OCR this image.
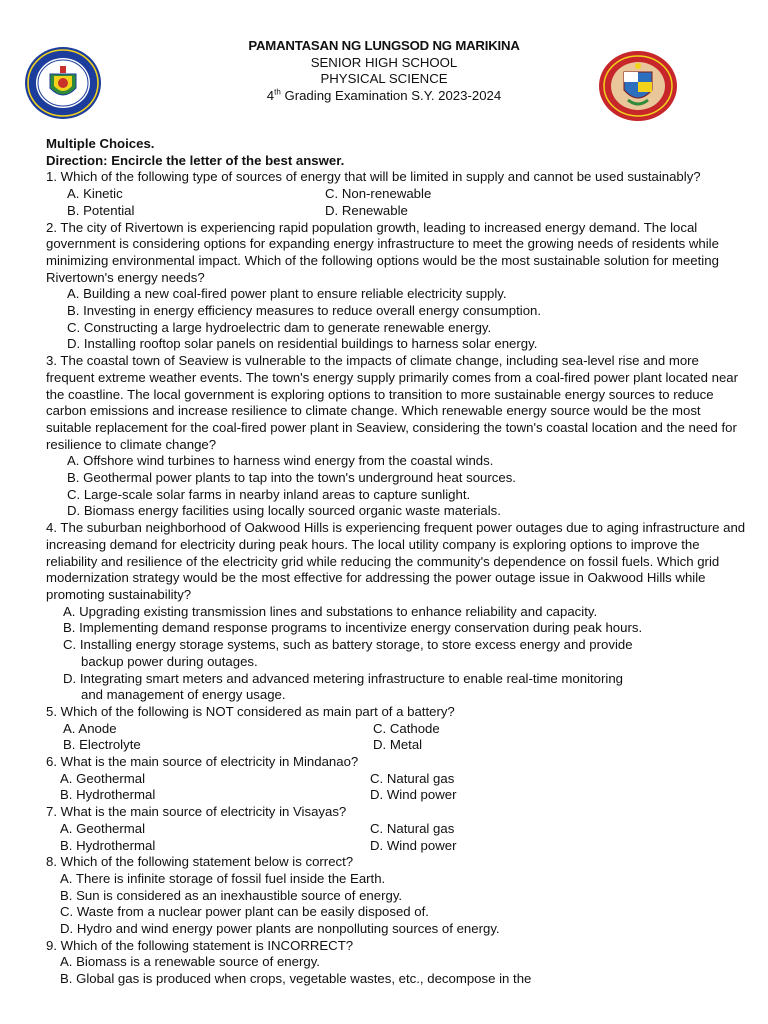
PAMANTASAN NG LUNGSOD NG MARIKINA
SENIOR HIGH SCHOOL
PHYSICAL SCIENCE
4th Grading Examination S.Y. 2023-2024
Multiple Choices.
Direction: Encircle the letter of the best answer.

1. Which of the following type of sources of energy that will be limited in supply and cannot be used sustainably?

A. Kinetic	C. Non-renewable
B. Potential	D. Renewable

2. The city of Rivertown is experiencing rapid population growth, leading to increased energy demand. The local government is considering options for expanding energy infrastructure to meet the growing needs of residents while minimizing environmental impact. Which of the following options would be the most sustainable solution for meeting Rivertown's energy needs?

A. Building a new coal-fired power plant to ensure reliable electricity supply.
B. Investing in energy efficiency measures to reduce overall energy consumption.
C. Constructing a large hydroelectric dam to generate renewable energy.
D. Installing rooftop solar panels on residential buildings to harness solar energy.

3. The coastal town of Seaview is vulnerable to the impacts of climate change, including sea-level rise and more frequent extreme weather events. The town's energy supply primarily comes from a coal-fired power plant located near the coastline. The local government is exploring options to transition to more sustainable energy sources to reduce carbon emissions and increase resilience to climate change. Which renewable energy source would be the most suitable replacement for the coal-fired power plant in Seaview, considering the town's coastal location and the need for resilience to climate change?

A. Offshore wind turbines to harness wind energy from the coastal winds.
B. Geothermal power plants to tap into the town's underground heat sources.
C. Large-scale solar farms in nearby inland areas to capture sunlight.
D. Biomass energy facilities using locally sourced organic waste materials.

4. The suburban neighborhood of Oakwood Hills is experiencing frequent power outages due to aging infrastructure and increasing demand for electricity during peak hours. The local utility company is exploring options to improve the reliability and resilience of the electricity grid while reducing the community's dependence on fossil fuels. Which grid modernization strategy would be the most effective for addressing the power outage issue in Oakwood Hills while promoting sustainability?

A. Upgrading existing transmission lines and substations to enhance reliability and capacity.
B. Implementing demand response programs to incentivize energy conservation during peak hours.
C. Installing energy storage systems, such as battery storage, to store excess energy and provide
backup power during outages.
D. Integrating smart meters and advanced metering infrastructure to enable real-time monitoring
and management of energy usage.

5. Which of the following is NOT considered as main part of a battery?

A. Anode	C. Cathode
B. Electrolyte	D. Metal

6. What is the main source of electricity in Mindanao?

A. Geothermal	C. Natural gas
B. Hydrothermal	D. Wind power

7. What is the main source of electricity in Visayas?

A. Geothermal	C. Natural gas
B. Hydrothermal	D. Wind power

8. Which of the following statement below is correct?

A. There is infinite storage of fossil fuel inside the Earth.
B. Sun is considered as an inexhaustible source of energy.
C. Waste from a nuclear power plant can be easily disposed of.
D. Hydro and wind energy power plants are nonpolluting sources of energy.

9. Which of the following statement is INCORRECT?

A. Biomass is a renewable source of energy.
B. Global gas is produced when crops, vegetable wastes, etc., decompose in the
